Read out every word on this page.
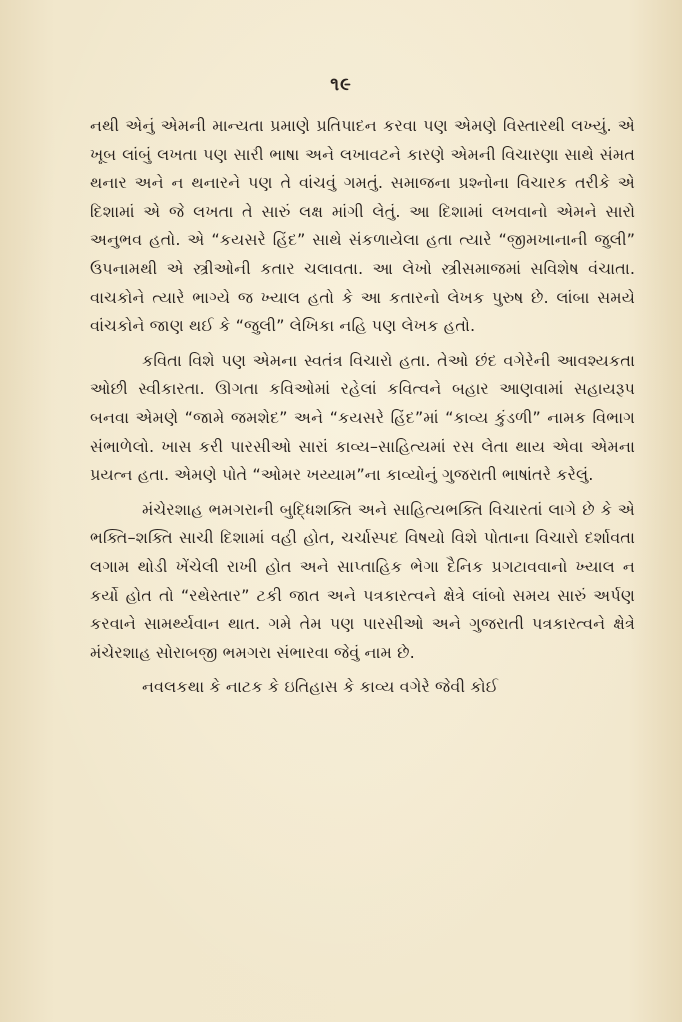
૧૯

નથી એનું એમની માન્યતા પ્રમાણે પ્રતિપાદન કરવા પણ એમણે વિસ્તારથી લખ્યું. એ ખૂબ લાંબું લખતા પણ સારી ભાષા અને લખાવટને કારણે એમની વિચારણા સાથે સંમત થનાર અને ન થનારને પણ તે વાંચવું ગમતું. સમાજના પ્રશ્નોના વિચારક તરીકે એ દિશામાં એ જે લખતા તે સારું લક્ષ માંગી લેતું. આ દિશામાં લખવાનો એમને સારો અનુભવ હતો. એ “કયસરે હિંદ” સાથે સંકળાયેલા હતા ત્યારે “જીમખાનાની જુલી” ઉપનામથી એ સ્ત્રીઓની કતાર ચલાવતા. આ લેખો સ્ત્રીસમાજમાં સવિશેષ વંચાતા. વાચકોને ત્યારે ભાગ્યે જ ખ્યાલ હતો કે આ કતારનો લેખક પુરુષ છે. લાંબા સમયે વાંચકોને જાણ થઈ કે “જુલી” લેખિકા નહિ પણ લેખક હતો.

કવિતા વિશે પણ એમના સ્વતંત્ર વિચારો હતા. તેઓ છંદ વગેરેની આવશ્યકતા ઓછી સ્વીકારતા. ઊગતા કવિઓમાં રહેલાં કવિત્વને બહાર આણવામાં સહાયરૂપ બનવા એમણે “જામે જમશેદ” અને “કયસરે હિંદ”માં “કાવ્ય કુંડળી” નામક વિભાગ સંભાળેલો. ખાસ કરી પારસીઓ સારાં કાવ્ય–સાહિત્યમાં રસ લેતા થાય એવા એમના પ્રયત્ન હતા. એમણે પોતે “ઓમર ખય્યામ”ના કાવ્યોનું ગુજરાતી ભાષાંતરે કરેલું.

મંચેરશાહ ભમગરાની બુદ્ધિશક્તિ અને સાહિત્યભક્તિ વિચારતાં લાગે છે કે એ ભક્તિ–શક્તિ સાચી દિશામાં વહી હોત, ચર્ચાસ્પદ વિષયો વિશે પોતાના વિચારો દર્શાવતા લગામ થોડી ખેંચેલી રાખી હોત અને સાપ્તાહિક ભેગા દૈનિક પ્રગટાવવાનો ખ્યાલ ન કર્યો હોત તો “રથેસ્તાર” ટકી જાત અને પત્રકારત્વને ક્ષેત્રે લાંબો સમય સારું અર્પણ કરવાને સામર્થ્યવાન થાત. ગમે તેમ પણ પારસીઓ અને ગુજરાતી પત્રકારત્વને ક્ષેત્રે મંચેરશાહ સોરાબજી ભમગરા સંભારવા જેવું નામ છે.

નવલકથા કે નાટક કે ઇતિહાસ કે કાવ્ય વગેરે જેવી કોઈ
